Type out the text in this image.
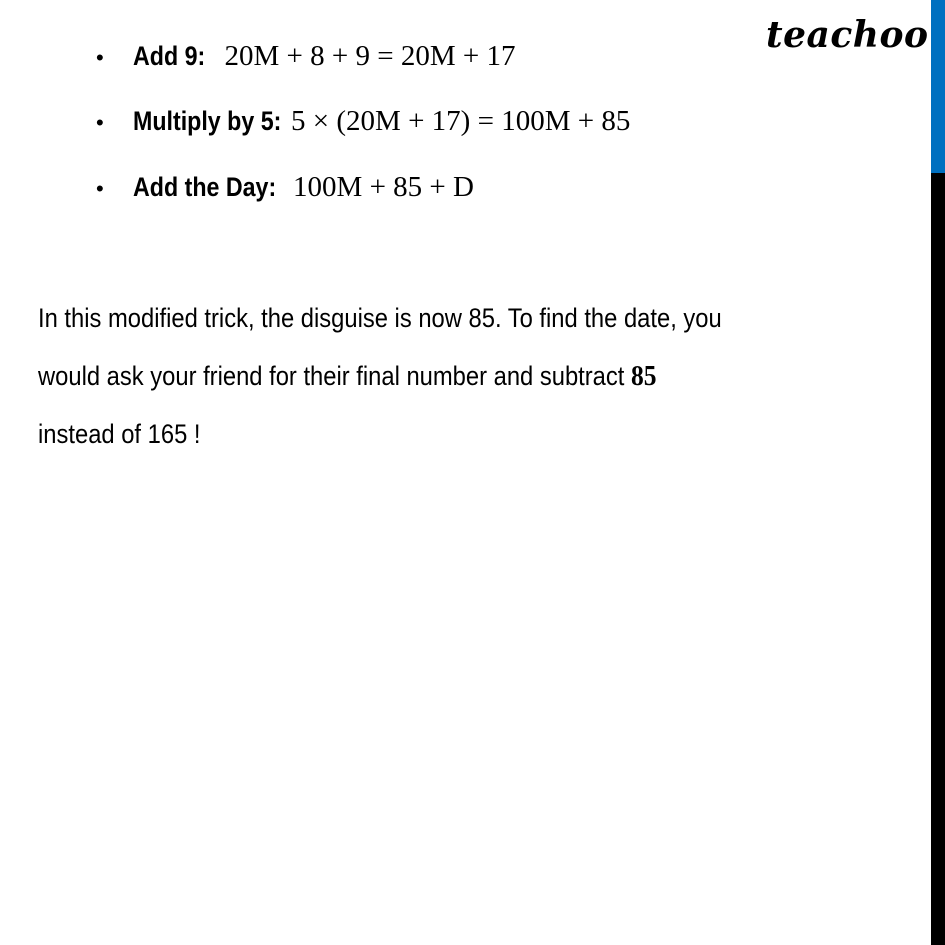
teachoo
• Add 9: 20M + 8 + 9 = 20M + 17
• Multiply by 5: 5 × (20M + 17) = 100M + 85
• Add the Day: 100M + 85 + D
In this modified trick, the disguise is now 85. To find the date, you
would ask your friend for their final number and subtract 85
instead of 165 !
